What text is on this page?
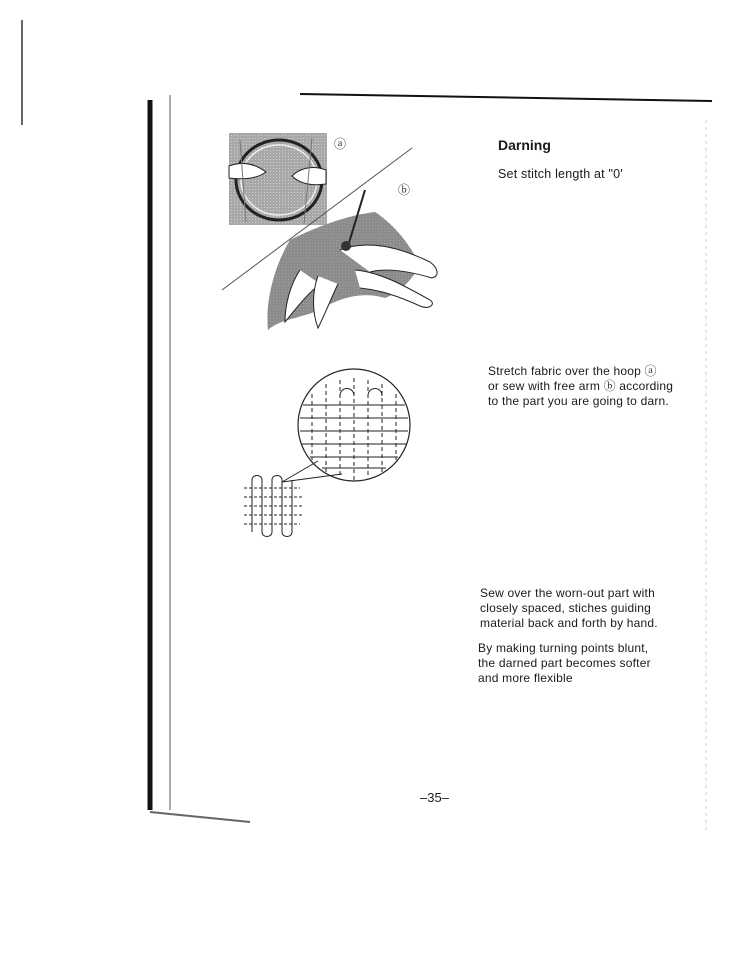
ⓐ
ⓑ
Darning
Set stitch length at "0'
Stretch fabric over the hoop ⓐ
or sew with free arm ⓑ according
to the part you are going to darn.
Sew over the worn-out part with
closely spaced, stiches guiding
material back and forth by hand.
By making turning points blunt,
the darned part becomes softer
and more flexible
–35–
